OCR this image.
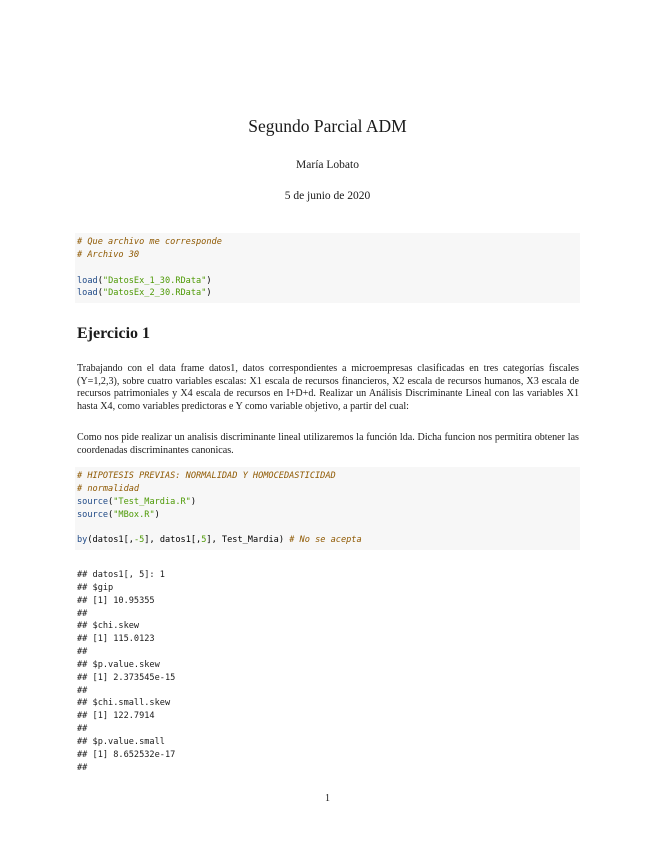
Segundo Parcial ADM
María Lobato
5 de junio de 2020
# Que archivo me corresponde
# Archivo 30
load("DatosEx_1_30.RData")
load("DatosEx_2_30.RData")
Ejercicio 1
Trabajando con el data frame datos1, datos correspondientes a microempresas clasificadas en tres categorías fiscales (Y=1,2,3), sobre cuatro variables escalas: X1 escala de recursos financieros, X2 escala de recursos humanos, X3 escala de recursos patrimoniales y X4 escala de recursos en I+D+d. Realizar un Análisis Discriminante Lineal con las variables X1 hasta X4, como variables predictoras e Y como variable objetivo, a partir del cual:
Como nos pide realizar un analisis discriminante lineal utilizaremos la función lda. Dicha funcion nos permitira obtener las coordenadas discriminantes canonicas.
# HIPOTESIS PREVIAS: NORMALIDAD Y HOMOCEDASTICIDAD
# normalidad
source("Test_Mardia.R")
source("MBox.R")
by(datos1[,-5], datos1[,5], Test_Mardia) # No se acepta
## datos1[, 5]: 1
## $gip
## [1] 10.95355
##
## $chi.skew
## [1] 115.0123
##
## $p.value.skew
## [1] 2.373545e-15
##
## $chi.small.skew
## [1] 122.7914
##
## $p.value.small
## [1] 8.652532e-17
##
1
